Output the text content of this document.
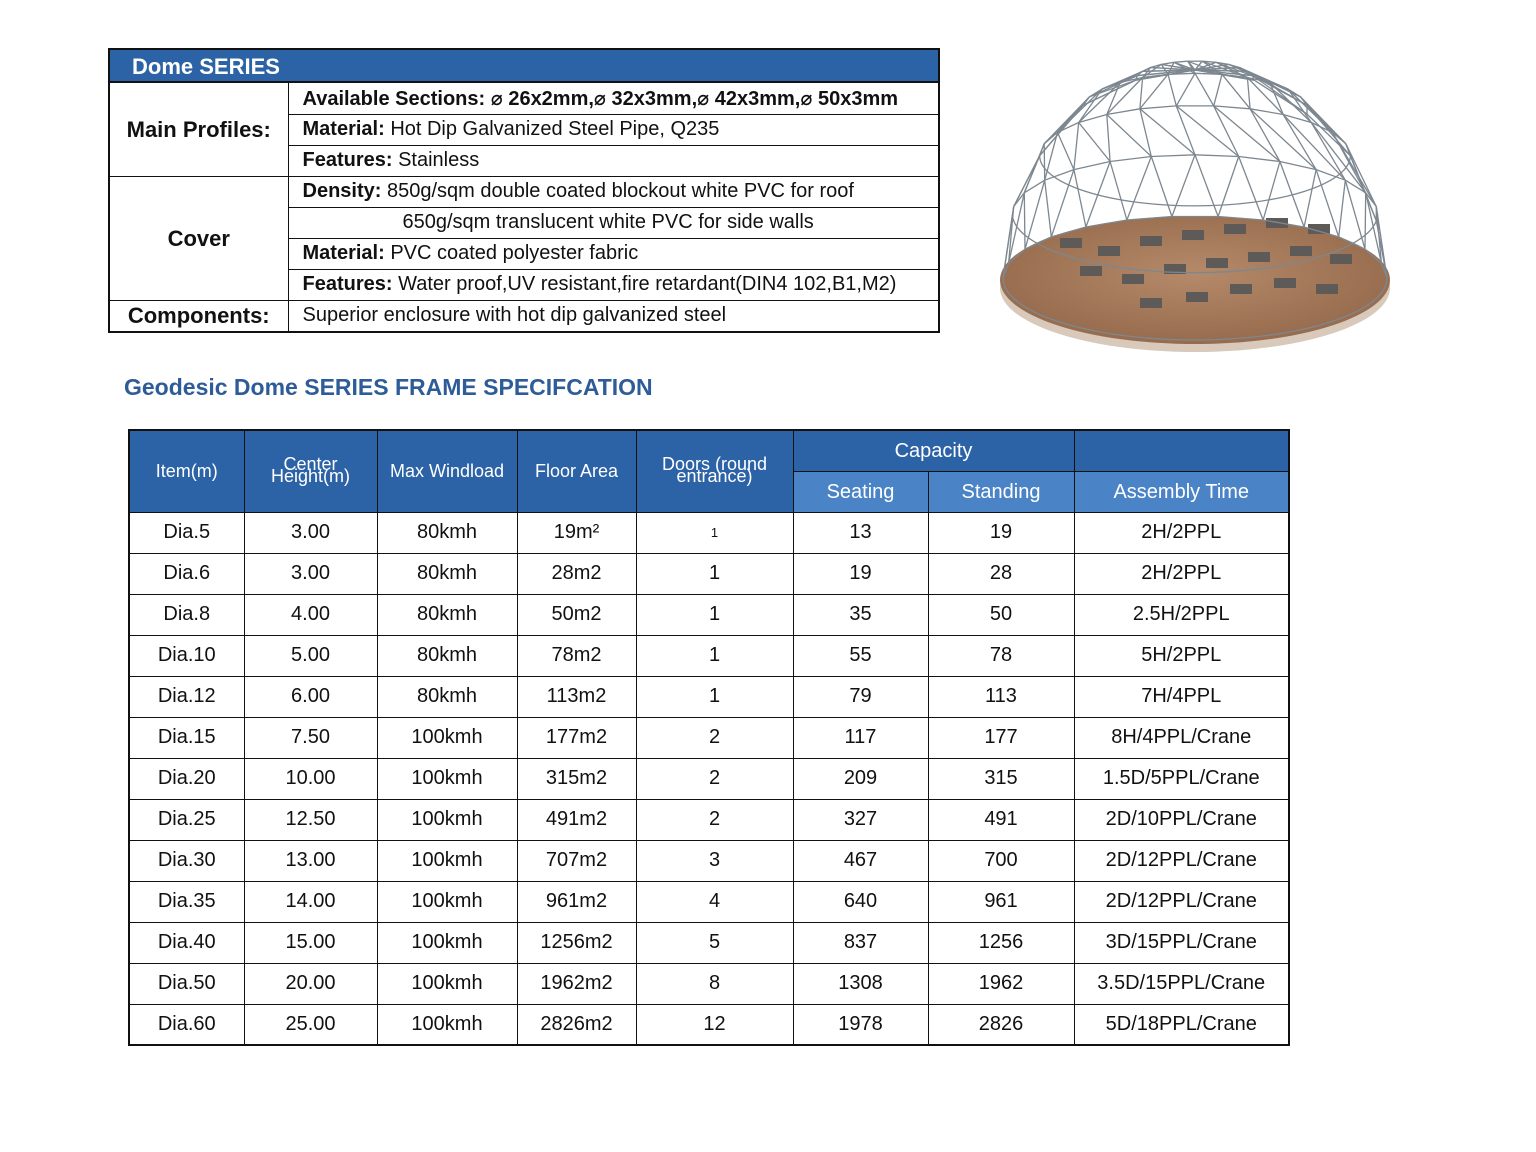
Dome SERIES
Main Profiles:	Available Sections: ⌀ 26x2mm,⌀ 32x3mm,⌀ 42x3mm,⌀ 50x3mm
	Material: Hot Dip Galvanized Steel Pipe, Q235
	Features: Stainless
Cover	Density: 850g/sqm double coated blockout white PVC for roof
	650g/sqm translucent white PVC for side walls
	Material: PVC coated polyester fabric
	Features: Water proof,UV resistant,fire retardant(DIN4 102,B1,M2)
Components:	Superior enclosure with hot dip galvanized steel
Geodesic Dome SERIES FRAME SPECIFCATION
Item(m)	Center Height(m)	Max Windload	Floor Area	Doors (round entrance)	Capacity		
					Seating	Standing	Assembly Time
Dia.5	3.00	80kmh	19m²	1	13	19	2H/2PPL
Dia.6	3.00	80kmh	28m2	1	19	28	2H/2PPL
Dia.8	4.00	80kmh	50m2	1	35	50	2.5H/2PPL
Dia.10	5.00	80kmh	78m2	1	55	78	5H/2PPL
Dia.12	6.00	80kmh	113m2	1	79	113	7H/4PPL
Dia.15	7.50	100kmh	177m2	2	117	177	8H/4PPL/Crane
Dia.20	10.00	100kmh	315m2	2	209	315	1.5D/5PPL/Crane
Dia.25	12.50	100kmh	491m2	2	327	491	2D/10PPL/Crane
Dia.30	13.00	100kmh	707m2	3	467	700	2D/12PPL/Crane
Dia.35	14.00	100kmh	961m2	4	640	961	2D/12PPL/Crane
Dia.40	15.00	100kmh	1256m2	5	837	1256	3D/15PPL/Crane
Dia.50	20.00	100kmh	1962m2	8	1308	1962	3.5D/15PPL/Crane
Dia.60	25.00	100kmh	2826m2	12	1978	2826	5D/18PPL/Crane
